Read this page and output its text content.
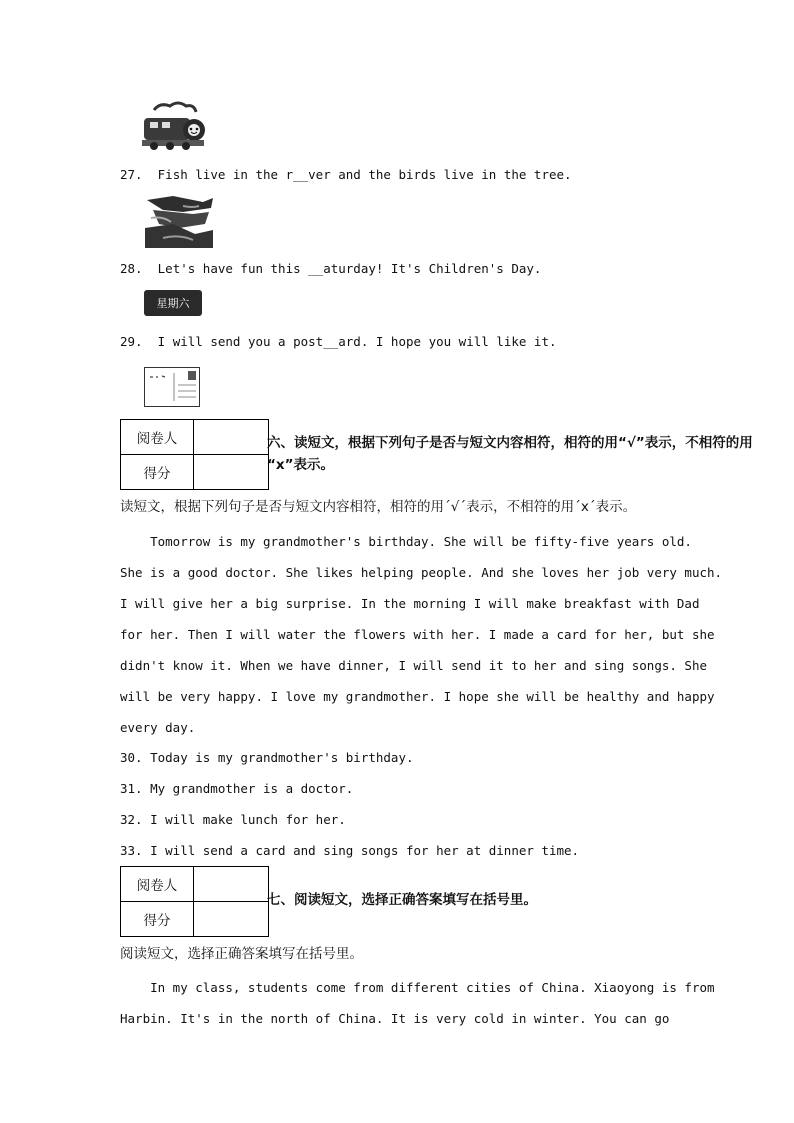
27. Fish live in the r__ver and the birds live in the tree.
28. Let's have fun this __aturday! It's Children's Day.
星期六
29. I will send you a post__ard. I hope you will like it.
阅卷人	
得分	
六、读短文，根据下列句子是否与短文内容相符，相符的用“√”表示，不相符的用
“x”表示。
读短文，根据下列句子是否与短文内容相符，相符的用ˊ√ˊ表示，不相符的用ˊxˊ表示。
Tomorrow is my grandmother's birthday. She will be fifty-five years old.
She is a good doctor. She likes helping people. And she loves her job very much.
I will give her a big surprise. In the morning I will make breakfast with Dad
for her. Then I will water the flowers with her. I made a card for her, but she
didn't know it. When we have dinner, I will send it to her and sing songs. She
will be very happy. I love my grandmother. I hope she will be healthy and happy
every day.
30. Today is my grandmother's birthday.
31. My grandmother is a doctor.
32. I will make lunch for her.
33. I will send a card and sing songs for her at dinner time.
阅卷人	
得分	
七、阅读短文，选择正确答案填写在括号里。
阅读短文，选择正确答案填写在括号里。
In my class, students come from different cities of China. Xiaoyong is from
Harbin. It's in the north of China. It is very cold in winter. You can go
